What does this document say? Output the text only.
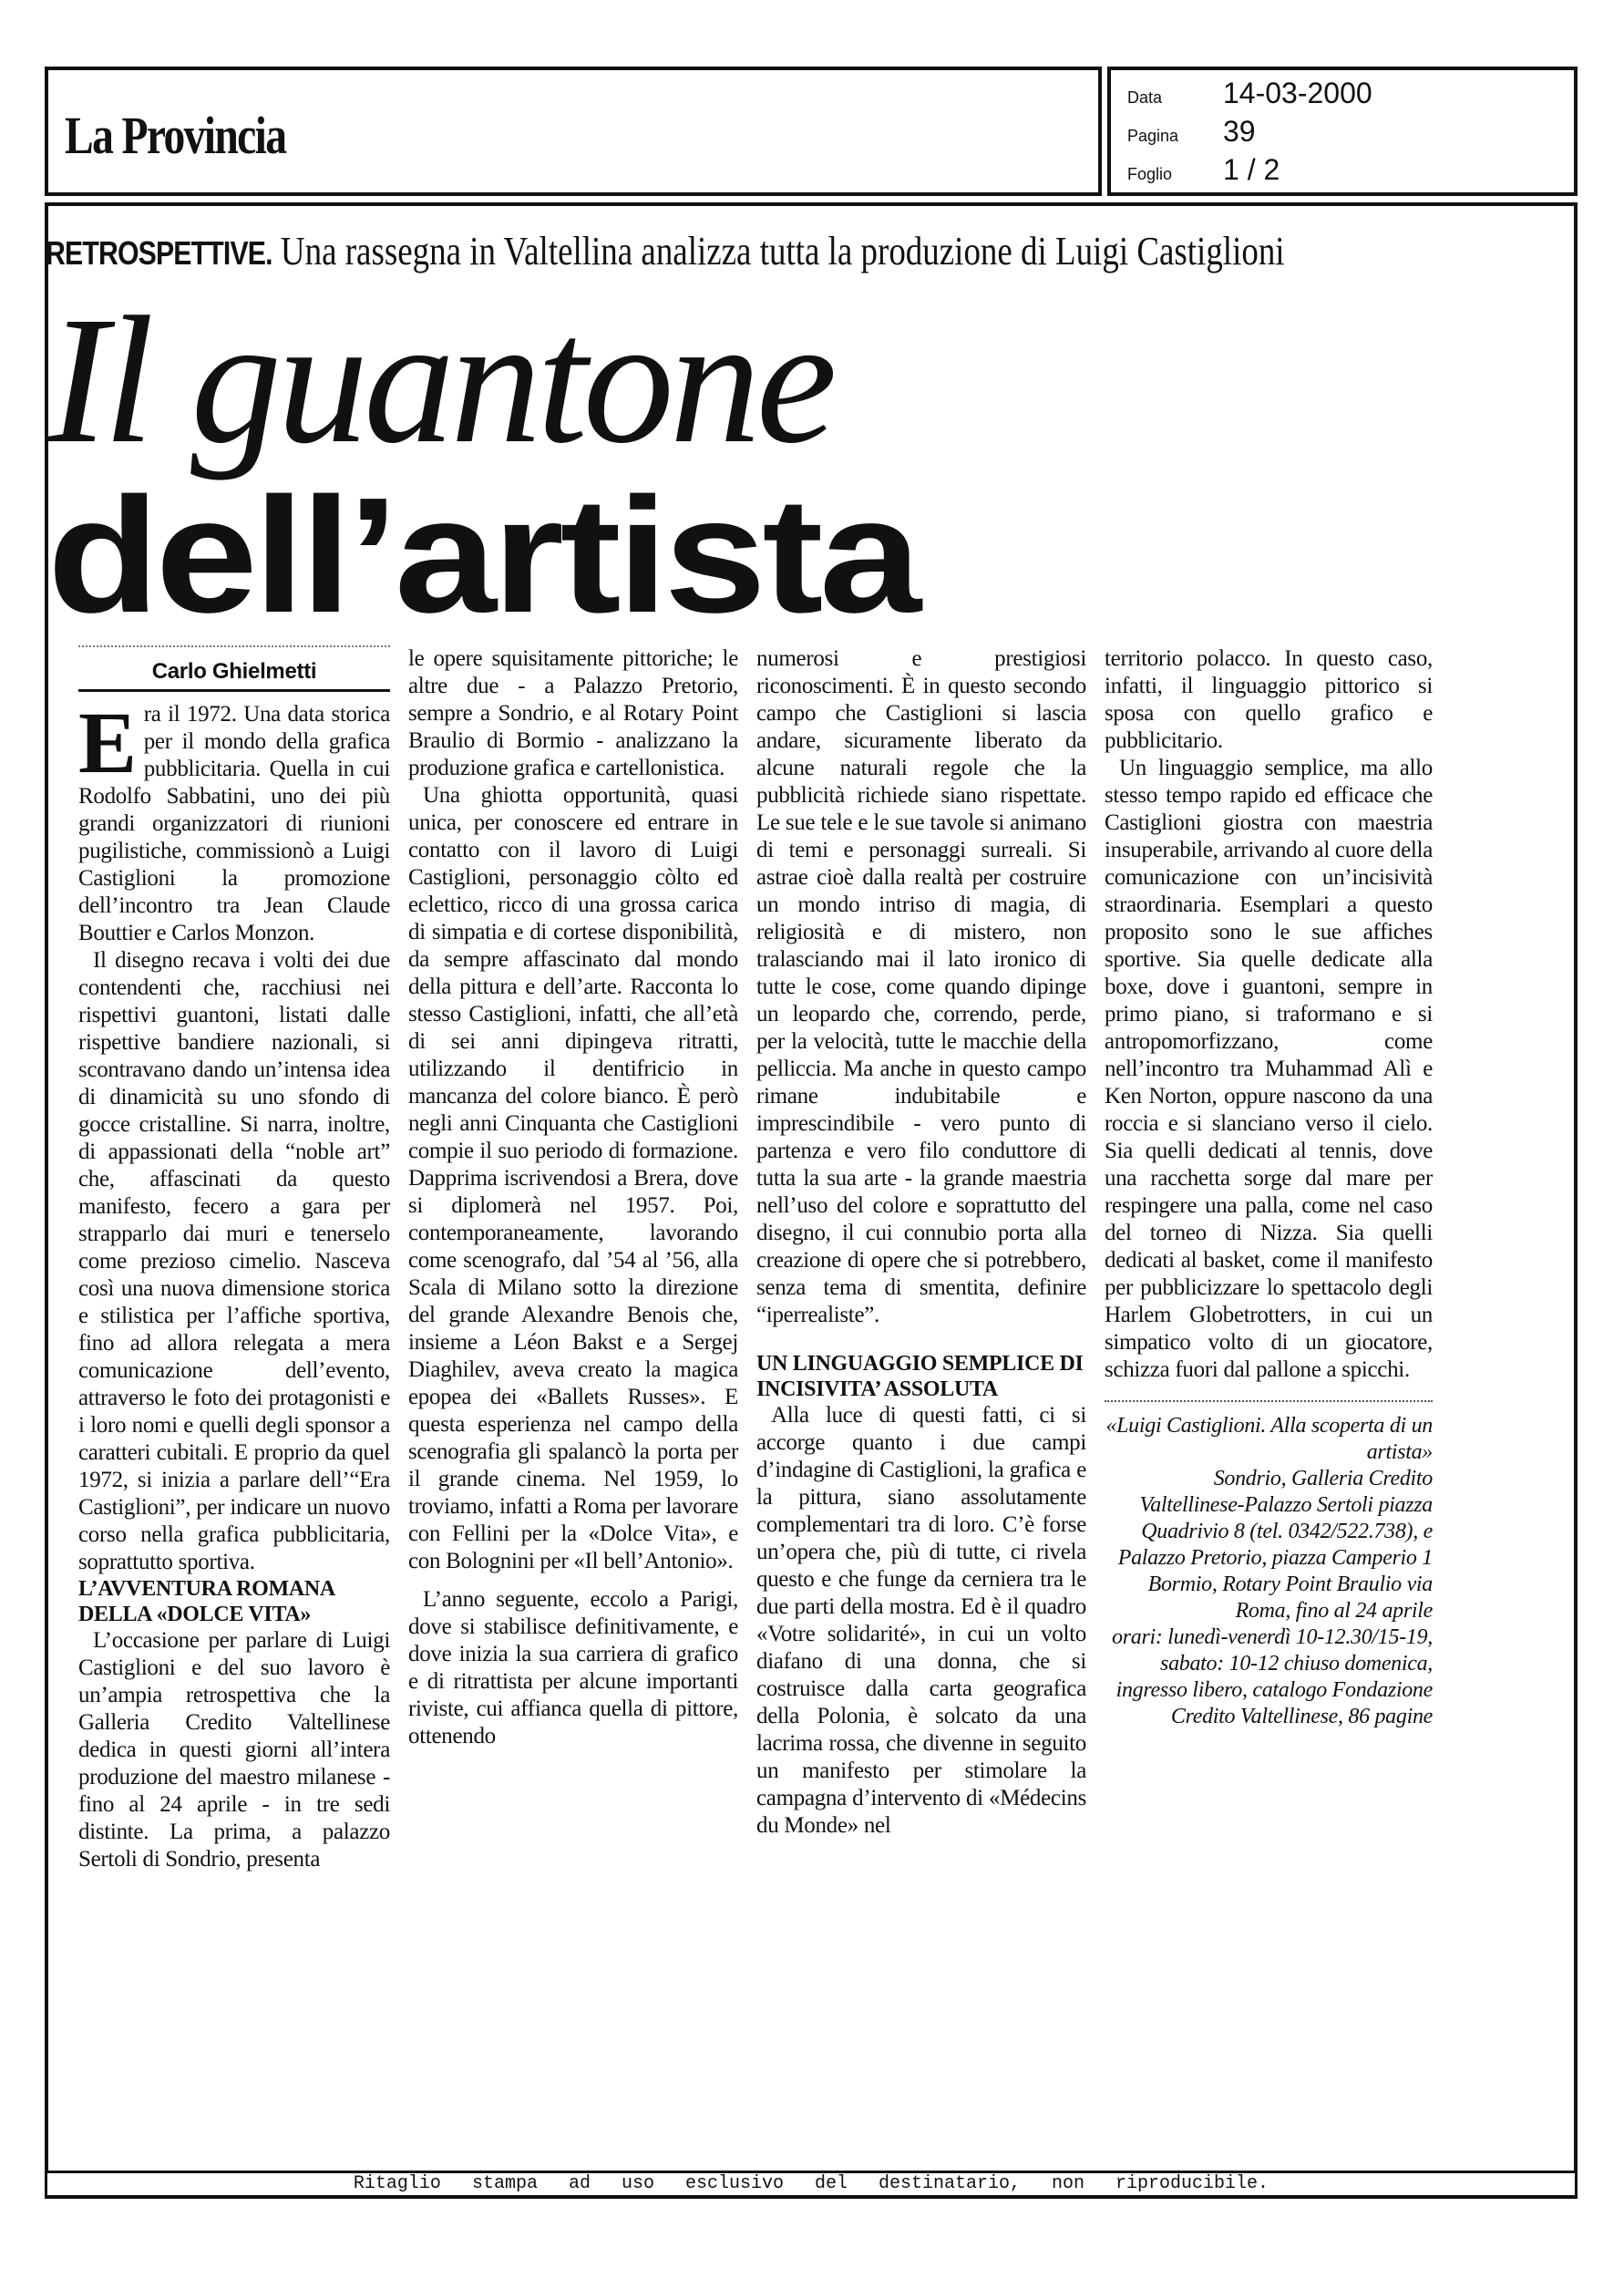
La Provincia
Data	14-03-2000
Pagina	39
Foglio	1 / 2
RETROSPETTIVE. Una rassegna in Valtellina analizza tutta la produzione di Luigi Castiglioni
Il guantone
dell’artista
Carlo Ghielmetti

Era il 1972. Una data storica per il mondo della grafica pubblicitaria. Quella in cui Rodolfo Sabbatini, uno dei più grandi organizzatori di riunioni pugilistiche, commissionò a Luigi Castiglioni la promozione dell’incontro tra Jean Claude Bouttier e Carlos Monzon.

Il disegno recava i volti dei due contendenti che, racchiusi nei rispettivi guantoni, listati dalle rispettive bandiere nazionali, si scontravano dando un’intensa idea di dinamicità su uno sfondo di gocce cristalline. Si narra, inoltre, di appassionati della “noble art” che, affascinati da questo manifesto, fecero a gara per strapparlo dai muri e tenerselo come prezioso cimelio. Nasceva così una nuova dimensione storica e stilistica per l’affiche sportiva, fino ad allora relegata a mera comunicazione dell’evento, attraverso le foto dei protagonisti e i loro nomi e quelli degli sponsor a caratteri cubitali. E proprio da quel 1972, si inizia a parlare dell’“Era Castiglioni”, per indicare un nuovo corso nella grafica pubblicitaria, soprattutto sportiva.

L’AVVENTURA ROMANA DELLA «DOLCE VITA»

L’occasione per parlare di Luigi Castiglioni e del suo lavoro è un’ampia retrospettiva che la Galleria Credito Valtellinese dedica in questi giorni all’intera produzione del maestro milanese - fino al 24 aprile - in tre sedi distinte. La prima, a palazzo Sertoli di Sondrio, presenta

le opere squisitamente pittoriche; le altre due - a Palazzo Pretorio, sempre a Sondrio, e al Rotary Point Braulio di Bormio - analizzano la produzione grafica e cartellonistica.

Una ghiotta opportunità, quasi unica, per conoscere ed entrare in contatto con il lavoro di Luigi Castiglioni, personaggio còlto ed eclettico, ricco di una grossa carica di simpatia e di cortese disponibilità, da sempre affascinato dal mondo della pittura e dell’arte. Racconta lo stesso Castiglioni, infatti, che all’età di sei anni dipingeva ritratti, utilizzando il dentifricio in mancanza del colore bianco. È però negli anni Cinquanta che Castiglioni compie il suo periodo di formazione. Dapprima iscrivendosi a Brera, dove si diplomerà nel 1957. Poi, contemporaneamente, lavorando come scenografo, dal ’54 al ’56, alla Scala di Milano sotto la direzione del grande Alexandre Benois che, insieme a Léon Bakst e a Sergej Diaghilev, aveva creato la magica epopea dei «Ballets Russes». E questa esperienza nel campo della scenografia gli spalancò la porta per il grande cinema. Nel 1959, lo troviamo, infatti a Roma per lavorare con Fellini per la «Dolce Vita», e con Bolognini per «Il bell’Antonio».

L’anno seguente, eccolo a Parigi, dove si stabilisce definitivamente, e dove inizia la sua carriera di grafico e di ritrattista per alcune importanti riviste, cui affianca quella di pittore, ottenendo

numerosi e prestigiosi riconoscimenti. È in questo secondo campo che Castiglioni si lascia andare, sicuramente liberato da alcune naturali regole che la pubblicità richiede siano rispettate. Le sue tele e le sue tavole si animano di temi e personaggi surreali. Si astrae cioè dalla realtà per costruire un mondo intriso di magia, di religiosità e di mistero, non tralasciando mai il lato ironico di tutte le cose, come quando dipinge un leopardo che, correndo, perde, per la velocità, tutte le macchie della pelliccia. Ma anche in questo campo rimane indubitabile e imprescindibile - vero punto di partenza e vero filo conduttore di tutta la sua arte - la grande maestria nell’uso del colore e soprattutto del disegno, il cui connubio porta alla creazione di opere che si potrebbero, senza tema di smentita, definire “iperrealiste”.

UN LINGUAGGIO SEMPLICE DI INCISIVITA’ ASSOLUTA

Alla luce di questi fatti, ci si accorge quanto i due campi d’indagine di Castiglioni, la grafica e la pittura, siano assolutamente complementari tra di loro. C’è forse un’opera che, più di tutte, ci rivela questo e che funge da cerniera tra le due parti della mostra. Ed è il quadro «Votre solidarité», in cui un volto diafano di una donna, che si costruisce dalla carta geografica della Polonia, è solcato da una lacrima rossa, che divenne in seguito un manifesto per stimolare la campagna d’intervento di «Médecins du Monde» nel

territorio polacco. In questo caso, infatti, il linguaggio pittorico si sposa con quello grafico e pubblicitario.

Un linguaggio semplice, ma allo stesso tempo rapido ed efficace che Castiglioni giostra con maestria insuperabile, arrivando al cuore della comunicazione con un’incisività straordinaria. Esemplari a questo proposito sono le sue affiches sportive. Sia quelle dedicate alla boxe, dove i guantoni, sempre in primo piano, si traformano e si antropomorfizzano, come nell’incontro tra Muhammad Alì e Ken Norton, oppure nascono da una roccia e si slanciano verso il cielo. Sia quelli dedicati al tennis, dove una racchetta sorge dal mare per respingere una palla, come nel caso del torneo di Nizza. Sia quelli dedicati al basket, come il manifesto per pubblicizzare lo spettacolo degli Harlem Globetrotters, in cui un simpatico volto di un giocatore, schizza fuori dal pallone a spicchi.

«Luigi Castiglioni. Alla scoperta di un artista»
Sondrio, Galleria Credito Valtellinese-Palazzo Sertoli piazza Quadrivio 8 (tel. 0342/522.738), e Palazzo Pretorio, piazza Camperio 1
Bormio, Rotary Point Braulio via Roma, fino al 24 aprile
orari: lunedì-venerdì 10-12.30/15-19, sabato: 10-12 chiuso domenica, ingresso libero, catalogo Fondazione Credito Valtellinese, 86 pagine
Ritaglio stampa ad uso esclusivo del destinatario, non riproducibile.
